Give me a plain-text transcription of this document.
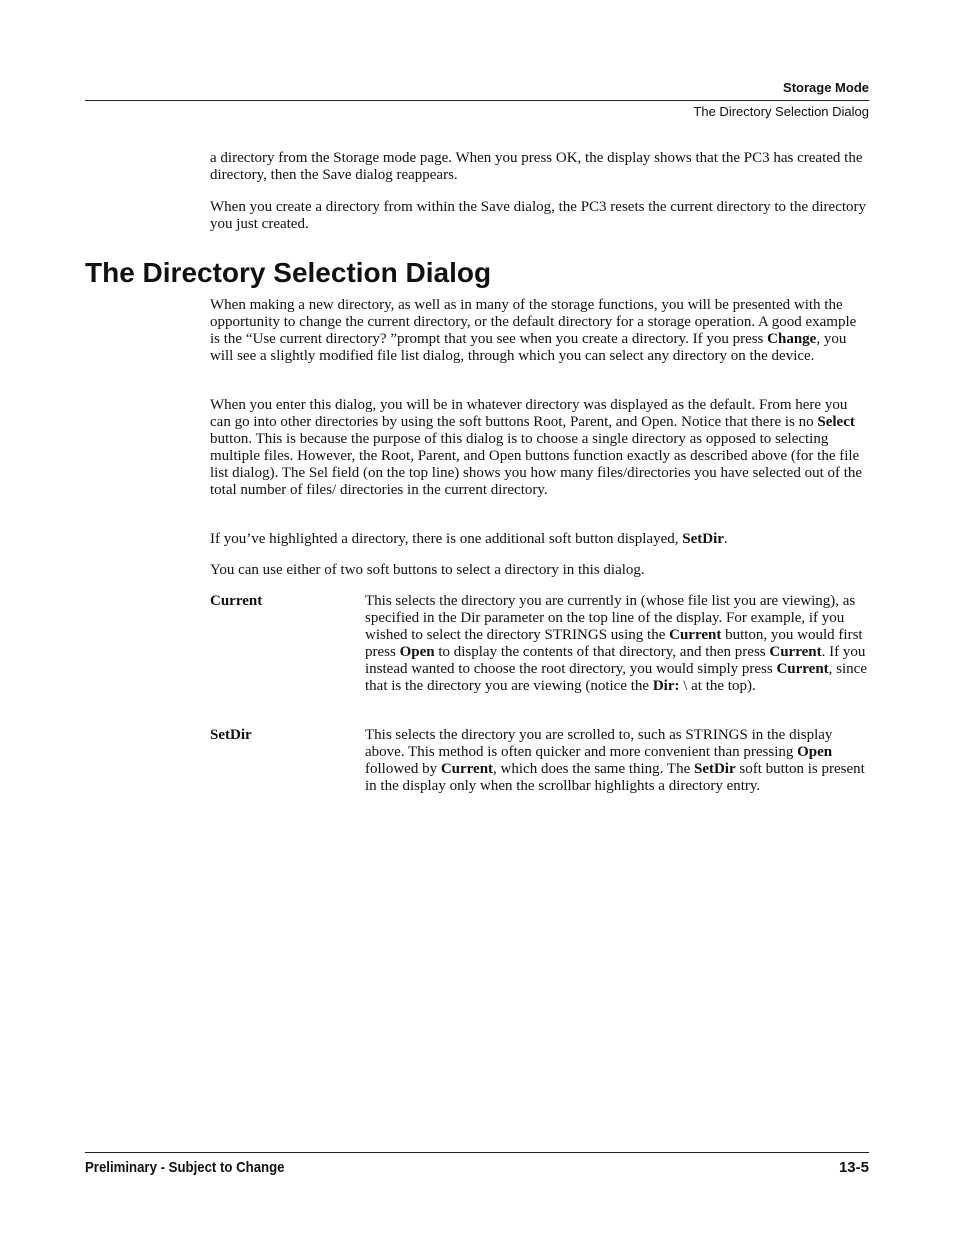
Storage Mode
The Directory Selection Dialog

a directory from the Storage mode page. When you press OK, the display shows that the PC3 has created the directory, then the Save dialog reappears.

When you create a directory from within the Save dialog, the PC3 resets the current directory to the directory you just created.

The Directory Selection Dialog

When making a new directory, as well as in many of the storage functions, you will be presented with the opportunity to change the current directory, or the default directory for a storage operation. A good example is the “Use current directory? ”prompt that you see when you create a directory. If you press Change, you will see a slightly modified file list dialog, through which you can select any directory on the device.

When you enter this dialog, you will be in whatever directory was displayed as the default. From here you can go into other directories by using the soft buttons Root, Parent, and Open. Notice that there is no Select button. This is because the purpose of this dialog is to choose a single directory as opposed to selecting multiple files. However, the Root, Parent, and Open buttons function exactly as described above (for the file list dialog). The Sel field (on the top line) shows you how many files/directories you have selected out of the total number of files/ directories in the current directory.

If you’ve highlighted a directory, there is one additional soft button displayed, SetDir.

You can use either of two soft buttons to select a directory in this dialog.

Current	This selects the directory you are currently in (whose file list you are viewing), as specified in the Dir parameter on the top line of the display. For example, if you wished to select the directory STRINGS using the Current button, you would first press Open to display the contents of that directory, and then press Current. If you instead wanted to choose the root directory, you would simply press Current, since that is the directory you are viewing (notice the Dir: \ at the top).

SetDir	This selects the directory you are scrolled to, such as STRINGS in the display above. This method is often quicker and more convenient than pressing Open followed by Current, which does the same thing. The SetDir soft button is present in the display only when the scrollbar highlights a directory entry.

Preliminary - Subject to Change	13-5
